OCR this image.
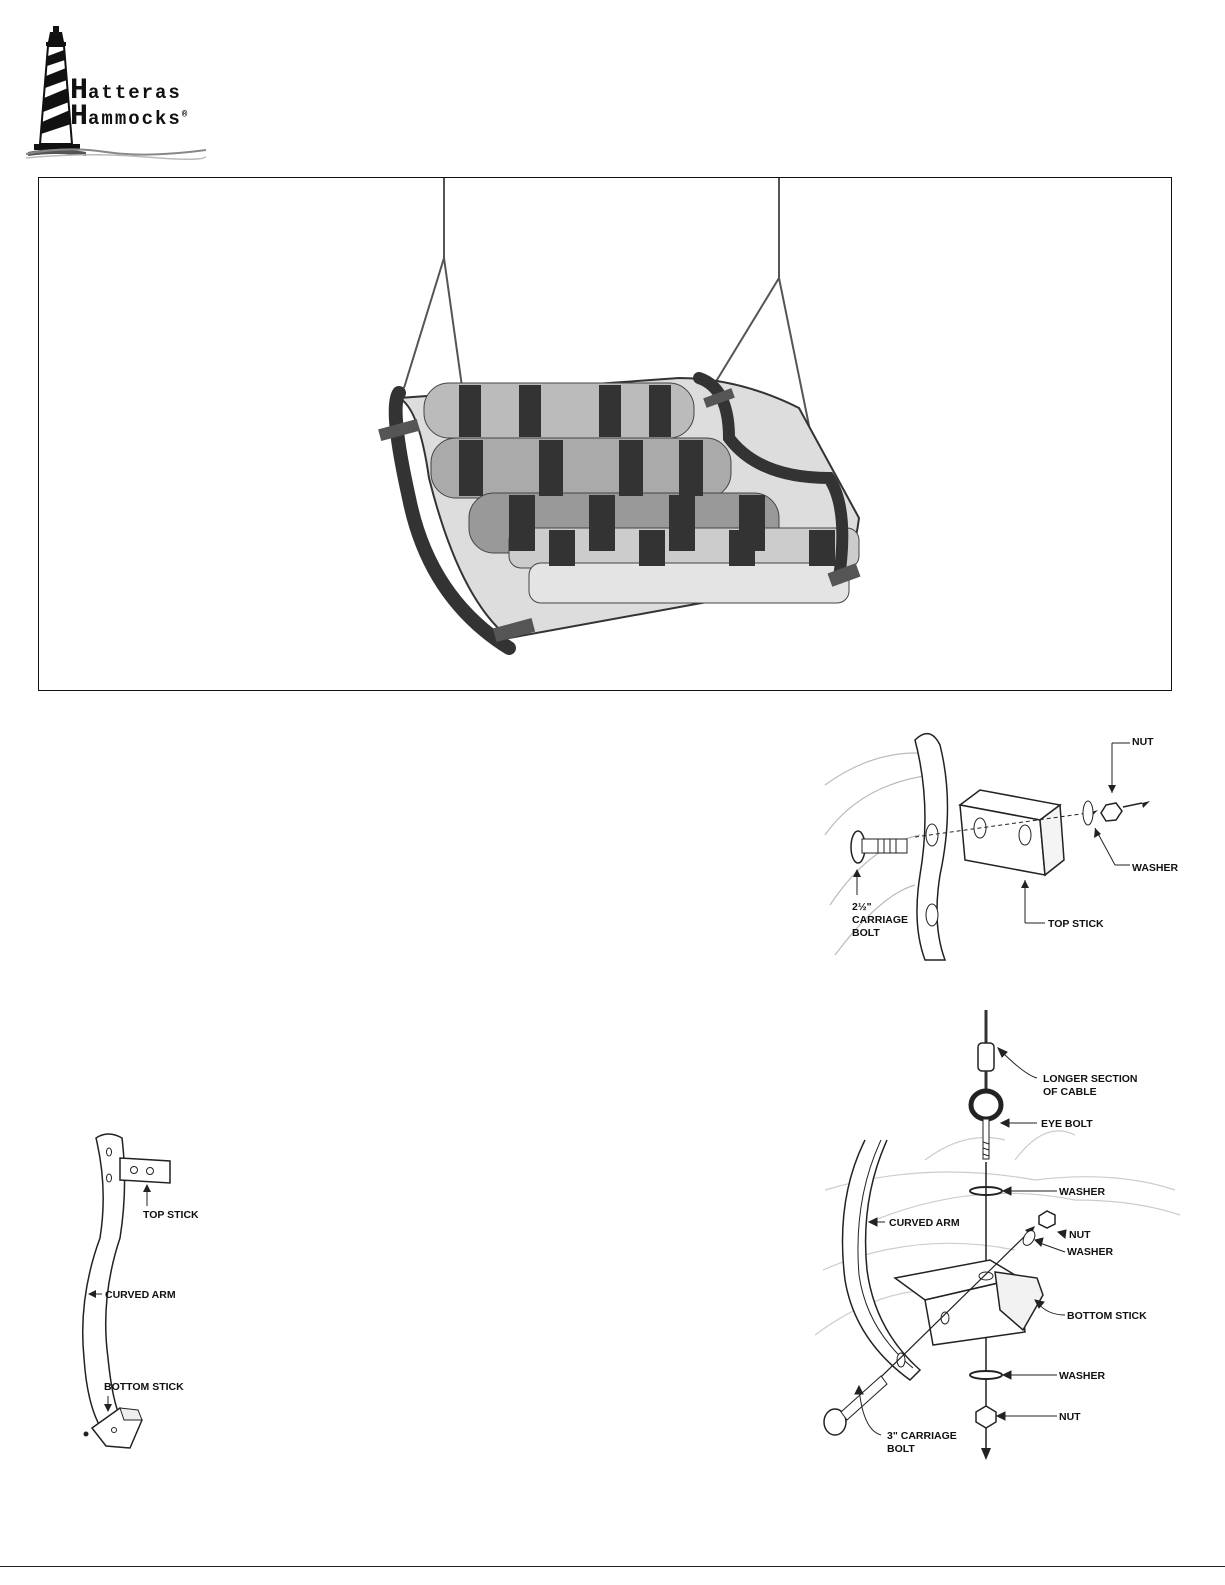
Hatteras
Hammocks®
NUT
WASHER
TOP STICK
2½"
CARRIAGE
BOLT
TOP STICK
CURVED ARM
BOTTOM STICK
LONGER SECTION
OF CABLE
EYE BOLT
WASHER
CURVED ARM
NUT
WASHER
BOTTOM STICK
WASHER
NUT
3" CARRIAGE
BOLT
